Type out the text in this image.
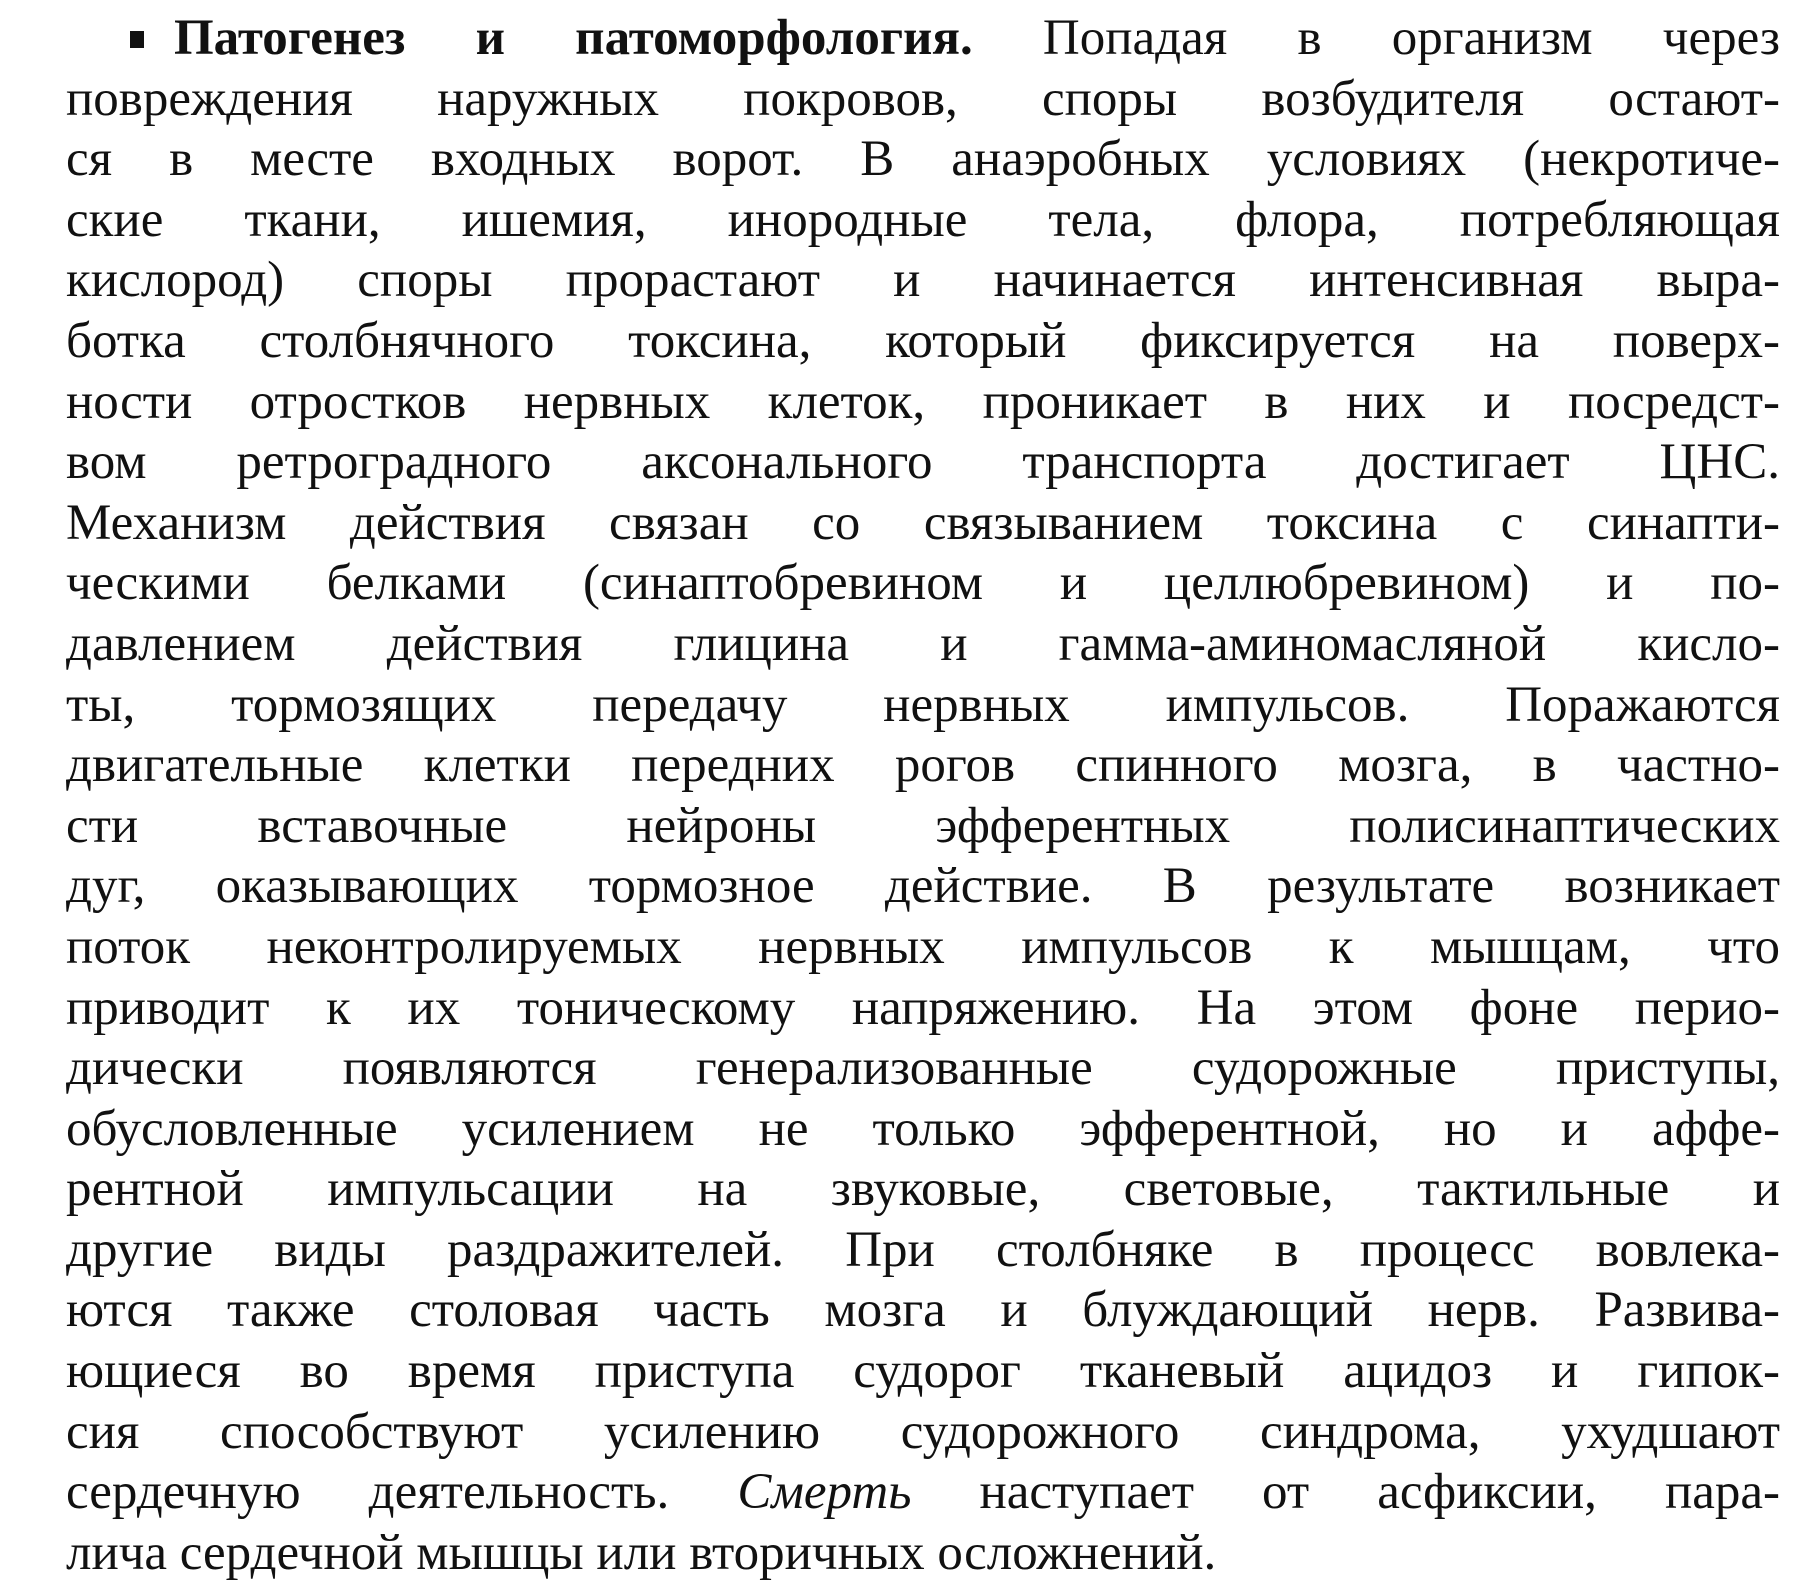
Патогенез и патоморфология. Попадая в организм через
повреждения наружных покровов, споры возбудителя остают-
ся в месте входных ворот. В анаэробных условиях (некротиче-
ские ткани, ишемия, инородные тела, флора, потребляющая
кислород) споры прорастают и начинается интенсивная выра-
ботка столбнячного токсина, который фиксируется на поверх-
ности отростков нервных клеток, проникает в них и посредст-
вом ретроградного аксонального транспорта достигает ЦНС.
Механизм действия связан со связыванием токсина с синапти-
ческими белками (синаптобревином и целлюбревином) и по-
давлением действия глицина и гамма-аминомасляной кисло-
ты, тормозящих передачу нервных импульсов. Поражаются
двигательные клетки передних рогов спинного мозга, в частно-
сти вставочные нейроны эфферентных полисинаптических
дуг, оказывающих тормозное действие. В результате возникает
поток неконтролируемых нервных импульсов к мышцам, что
приводит к их тоническому напряжению. На этом фоне перио-
дически появляются генерализованные судорожные приступы,
обусловленные усилением не только эфферентной, но и аффе-
рентной импульсации на звуковые, световые, тактильные и
другие виды раздражителей. При столбняке в процесс вовлека-
ются также столовая часть мозга и блуждающий нерв. Развива-
ющиеся во время приступа судорог тканевый ацидоз и гипок-
сия способствуют усилению судорожного синдрома, ухудшают
сердечную деятельность. Смерть наступает от асфиксии, пара-
лича сердечной мышцы или вторичных осложнений.
